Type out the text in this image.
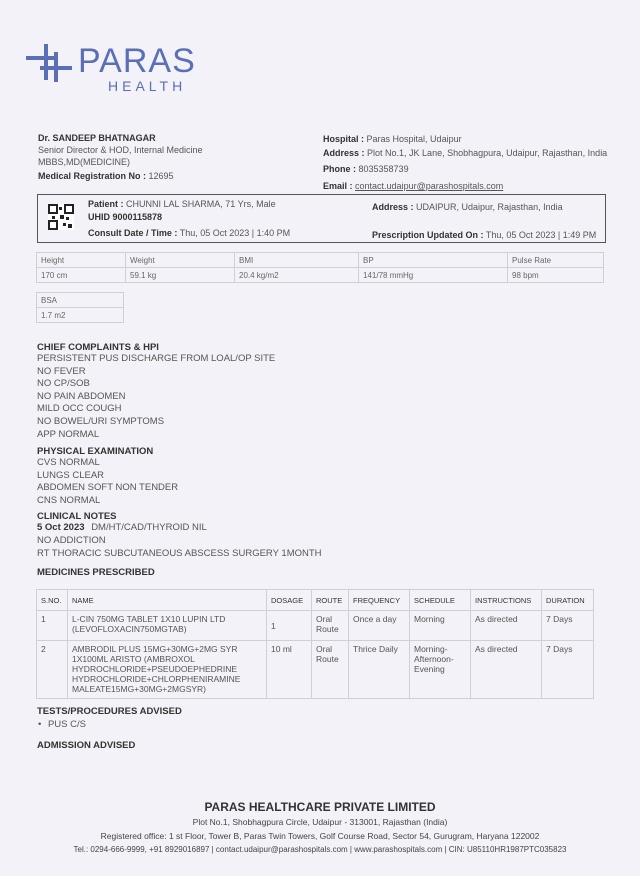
PARAS
HEALTH
Dr. SANDEEP BHATNAGAR
Senior Director & HOD, Internal Medicine
MBBS,MD(MEDICINE)
Medical Registration No : 12695
Hospital : Paras Hospital, Udaipur
Address : Plot No.1, JK Lane, Shobhagpura, Udaipur, Rajasthan, India
Phone : 8035358739
Email : contact.udaipur@parashospitals.com
Patient : CHUNNI LAL SHARMA, 71 Yrs, Male
UHID 9000115878
Consult Date / Time : Thu, 05 Oct 2023 | 1:40 PM
Address : UDAIPUR, Udaipur, Rajasthan, India
Prescription Updated On : Thu, 05 Oct 2023 | 1:49 PM
Height	Weight	BMI	BP	Pulse Rate
170 cm	59.1 kg	20.4 kg/m2	141/78 mmHg	98 bpm
BSA
1.7 m2
CHIEF COMPLAINTS & HPI
PERSISTENT PUS DISCHARGE FROM LOAL/OP SITE
NO FEVER
NO CP/SOB
NO PAIN ABDOMEN
MILD OCC COUGH
NO BOWEL/URI SYMPTOMS
APP NORMAL
PHYSICAL EXAMINATION
CVS NORMAL
LUNGS CLEAR
ABDOMEN SOFT NON TENDER
CNS NORMAL
CLINICAL NOTES
5 Oct 2023 DM/HT/CAD/THYROID NIL
NO ADDICTION
RT THORACIC SUBCUTANEOUS ABSCESS SURGERY 1MONTH
MEDICINES PRESCRIBED
S.NO.	NAME	DOSAGE	ROUTE	FREQUENCY	SCHEDULE	INSTRUCTIONS	DURATION
1	L-CIN 750MG TABLET 1X10 LUPIN LTD (LEVOFLOXACIN750MGTAB)	1	Oral Route	Once a day	Morning	As directed	7 Days
2	AMBRODIL PLUS 15MG+30MG+2MG SYR 1X100ML ARISTO (AMBROXOL HYDROCHLORIDE+PSEUDOEPHEDRINE HYDROCHLORIDE+CHLORPHENIRAMINE MALEATE15MG+30MG+2MGSYR)	10 ml	Oral Route	Thrice Daily	Morning-Afternoon-Evening	As directed	7 Days
TESTS/PROCEDURES ADVISED
• PUS C/S
ADMISSION ADVISED
PARAS HEALTHCARE PRIVATE LIMITED
Plot No.1, Shobhagpura Circle, Udaipur - 313001, Rajasthan (India)
Registered office: 1 st Floor, Tower B, Paras Twin Towers, Golf Course Road, Sector 54, Gurugram, Haryana 122002
Tel.: 0294-666-9999, +91 8929016897 | contact.udaipur@parashospitals.com | www.parashospitals.com | CIN: U85110HR1987PTC035823
